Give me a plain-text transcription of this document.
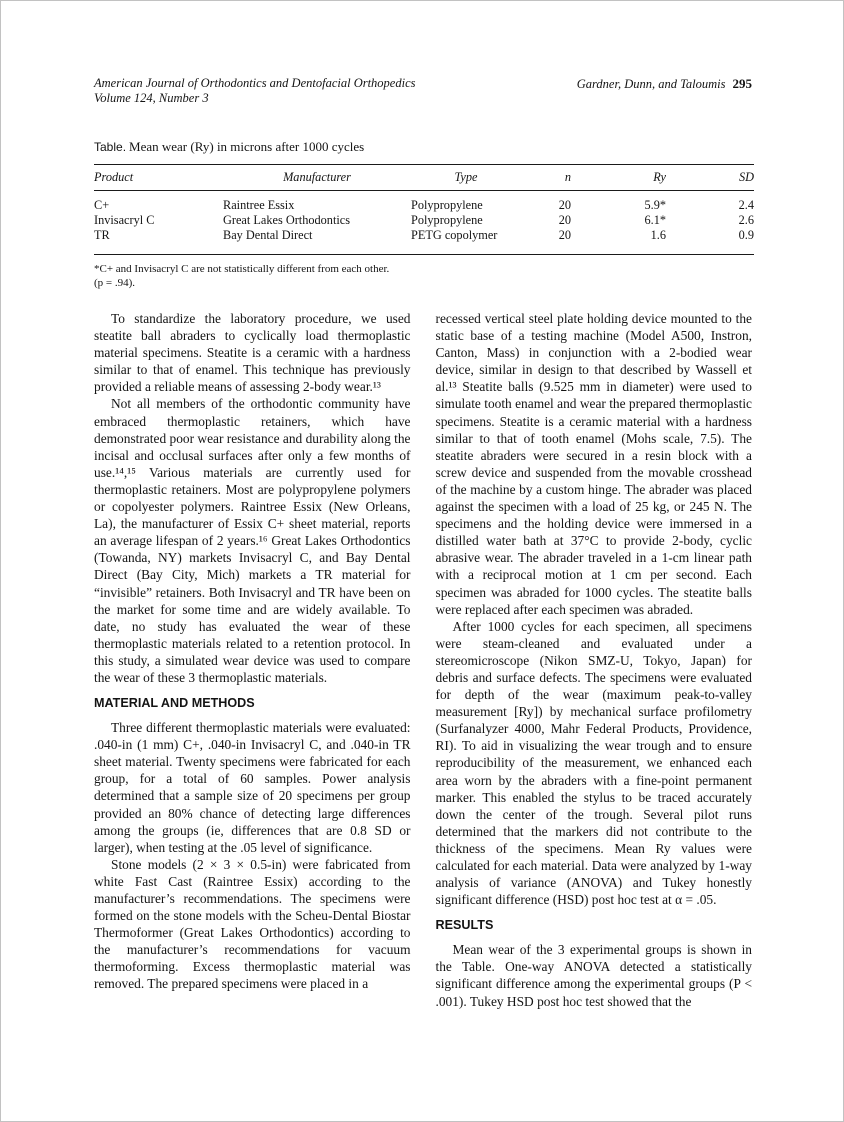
American Journal of Orthodontics and Dentofacial Orthopedics
Volume 124, Number 3
Gardner, Dunn, and Taloumis 295
Table. Mean wear (Ry) in microns after 1000 cycles
Product	Manufacturer	Type	n	Ry	SD
C+	Raintree Essix	Polypropylene	20	5.9*	2.4
Invisacryl C	Great Lakes Orthodontics	Polypropylene	20	6.1*	2.6
TR	Bay Dental Direct	PETG copolymer	20	1.6	0.9
*C+ and Invisacryl C are not statistically different from each other.
(p = .94).

To standardize the laboratory procedure, we used steatite ball abraders to cyclically load thermoplastic material specimens. Steatite is a ceramic with a hardness similar to that of enamel. This technique has previously provided a reliable means of assessing 2-body wear.¹³

Not all members of the orthodontic community have embraced thermoplastic retainers, which have demonstrated poor wear resistance and durability along the incisal and occlusal surfaces after only a few months of use.¹⁴,¹⁵ Various materials are currently used for thermoplastic retainers. Most are polypropylene polymers or copolyester polymers. Raintree Essix (New Orleans, La), the manufacturer of Essix C+ sheet material, reports an average lifespan of 2 years.¹⁶ Great Lakes Orthodontics (Towanda, NY) markets Invisacryl C, and Bay Dental Direct (Bay City, Mich) markets a TR material for “invisible” retainers. Both Invisacryl and TR have been on the market for some time and are widely available. To date, no study has evaluated the wear of these thermoplastic materials related to a retention protocol. In this study, a simulated wear device was used to compare the wear of these 3 thermoplastic materials.

MATERIAL AND METHODS

Three different thermoplastic materials were evaluated: .040-in (1 mm) C+, .040-in Invisacryl C, and .040-in TR sheet material. Twenty specimens were fabricated for each group, for a total of 60 samples. Power analysis determined that a sample size of 20 specimens per group provided an 80% chance of detecting large differences among the groups (ie, differences that are 0.8 SD or larger), when testing at the .05 level of significance.

Stone models (2 × 3 × 0.5-in) were fabricated from white Fast Cast (Raintree Essix) according to the manufacturer’s recommendations. The specimens were formed on the stone models with the Scheu-Dental Biostar Thermoformer (Great Lakes Orthodontics) according to the manufacturer’s recommendations for vacuum thermoforming. Excess thermoplastic material was removed. The prepared specimens were placed in a

recessed vertical steel plate holding device mounted to the static base of a testing machine (Model A500, Instron, Canton, Mass) in conjunction with a 2-bodied wear device, similar in design to that described by Wassell et al.¹³ Steatite balls (9.525 mm in diameter) were used to simulate tooth enamel and wear the prepared thermoplastic specimens. Steatite is a ceramic material with a hardness similar to that of tooth enamel (Mohs scale, 7.5). The steatite abraders were secured in a resin block with a screw device and suspended from the movable crosshead of the machine by a custom hinge. The abrader was placed against the specimen with a load of 25 kg, or 245 N. The specimens and the holding device were immersed in a distilled water bath at 37°C to provide 2-body, cyclic abrasive wear. The abrader traveled in a 1-cm linear path with a reciprocal motion at 1 cm per second. Each specimen was abraded for 1000 cycles. The steatite balls were replaced after each specimen was abraded.

After 1000 cycles for each specimen, all specimens were steam-cleaned and evaluated under a stereomicroscope (Nikon SMZ-U, Tokyo, Japan) for debris and surface defects. The specimens were evaluated for depth of the wear (maximum peak-to-valley measurement [Ry]) by mechanical surface profilometry (Surfanalyzer 4000, Mahr Federal Products, Providence, RI). To aid in visualizing the wear trough and to ensure reproducibility of the measurement, we enhanced each area worn by the abraders with a fine-point permanent marker. This enabled the stylus to be traced accurately down the center of the trough. Several pilot runs determined that the markers did not contribute to the thickness of the specimens. Mean Ry values were calculated for each material. Data were analyzed by 1-way analysis of variance (ANOVA) and Tukey honestly significant difference (HSD) post hoc test at α = .05.

RESULTS

Mean wear of the 3 experimental groups is shown in the Table. One-way ANOVA detected a statistically significant difference among the experimental groups (P < .001). Tukey HSD post hoc test showed that the
